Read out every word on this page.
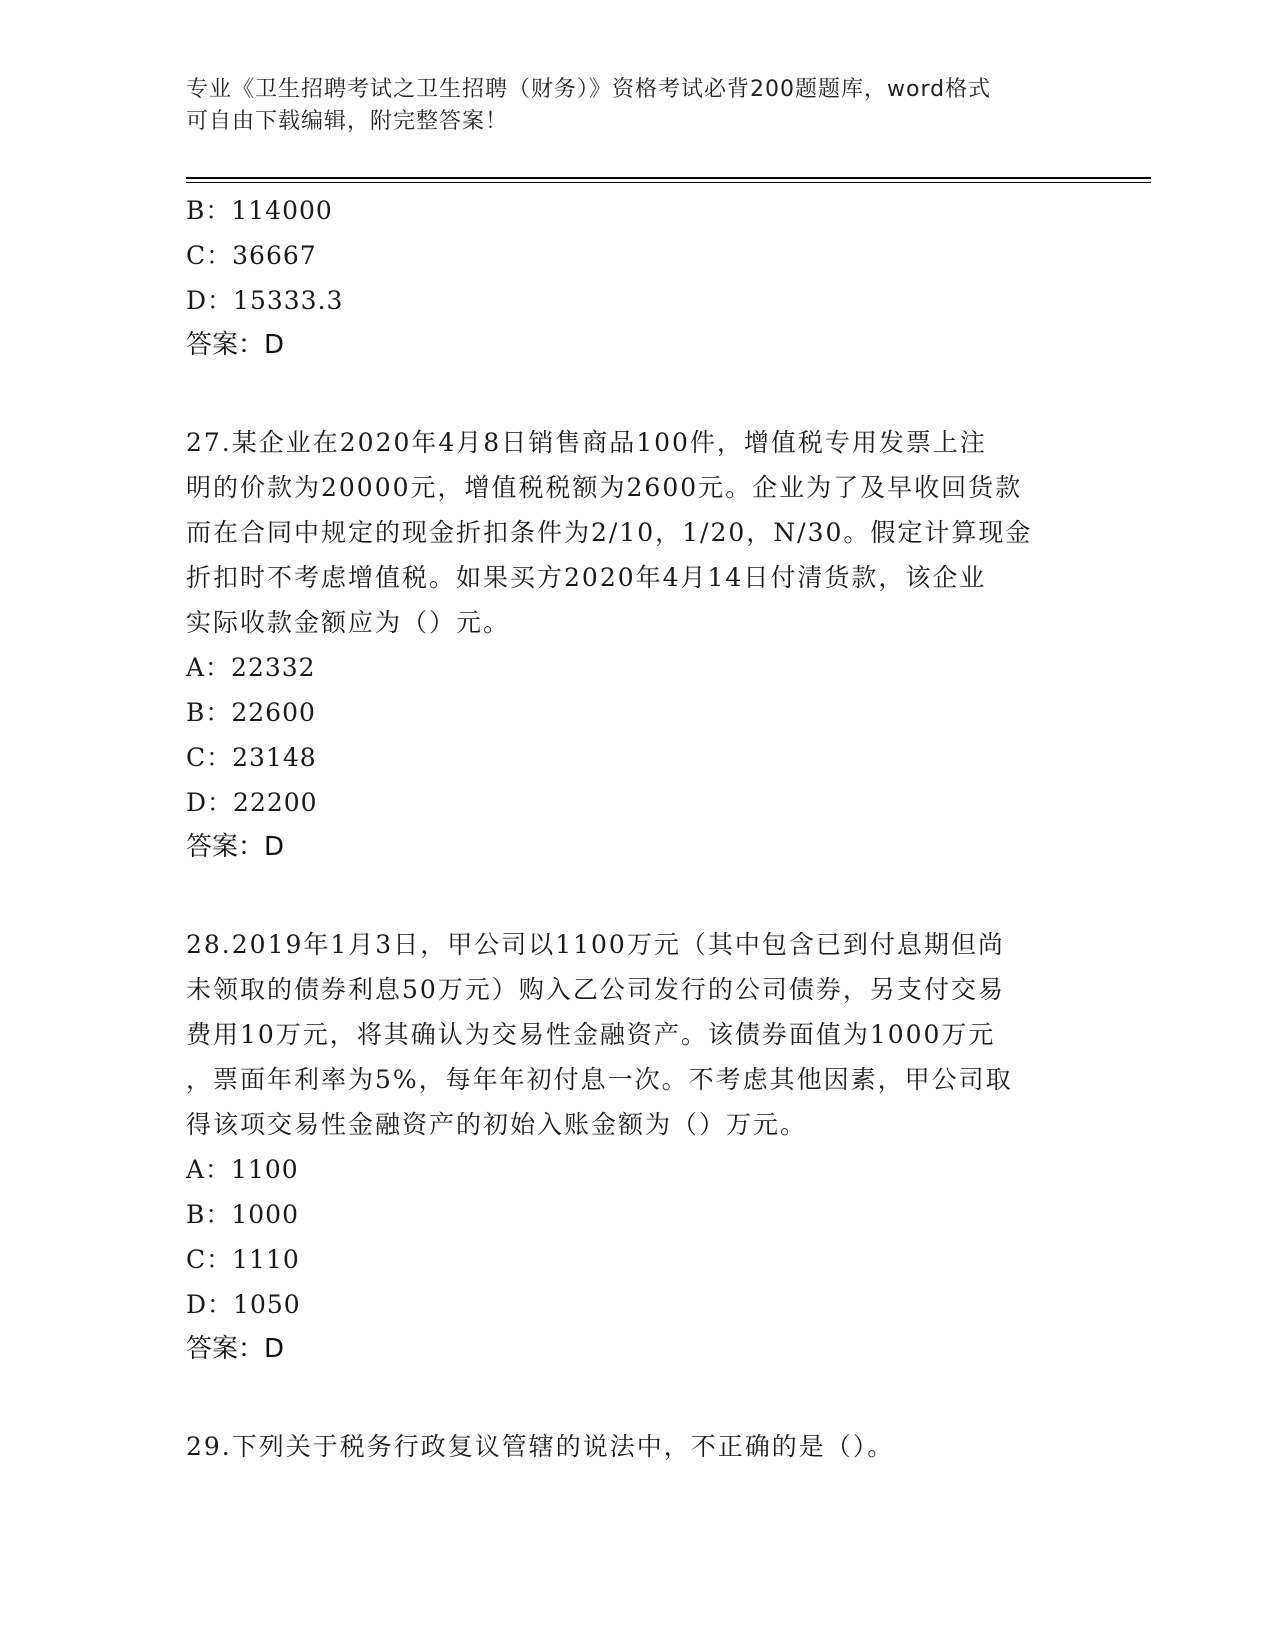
专业《卫生招聘考试之卫生招聘（财务）》资格考试必背200题题库，word格式
可自由下载编辑，附完整答案！
B：114000
C：36667
D：15333.3
答案：D
27.某企业在2020年4月8日销售商品100件，增值税专用发票上注
明的价款为20000元，增值税税额为2600元。企业为了及早收回货款
而在合同中规定的现金折扣条件为2/10，1/20，N/30。假定计算现金
折扣时不考虑增值税。如果买方2020年4月14日付清货款，该企业
实际收款金额应为（）元。
A：22332
B：22600
C：23148
D：22200
答案：D
28.2019年1月3日，甲公司以1100万元（其中包含已到付息期但尚
未领取的债券利息50万元）购入乙公司发行的公司债券，另支付交易
费用10万元，将其确认为交易性金融资产。该债券面值为1000万元
，票面年利率为5%，每年年初付息一次。不考虑其他因素，甲公司取
得该项交易性金融资产的初始入账金额为（）万元。
A：1100
B：1000
C：1110
D：1050
答案：D
29.下列关于税务行政复议管辖的说法中，不正确的是（）。
